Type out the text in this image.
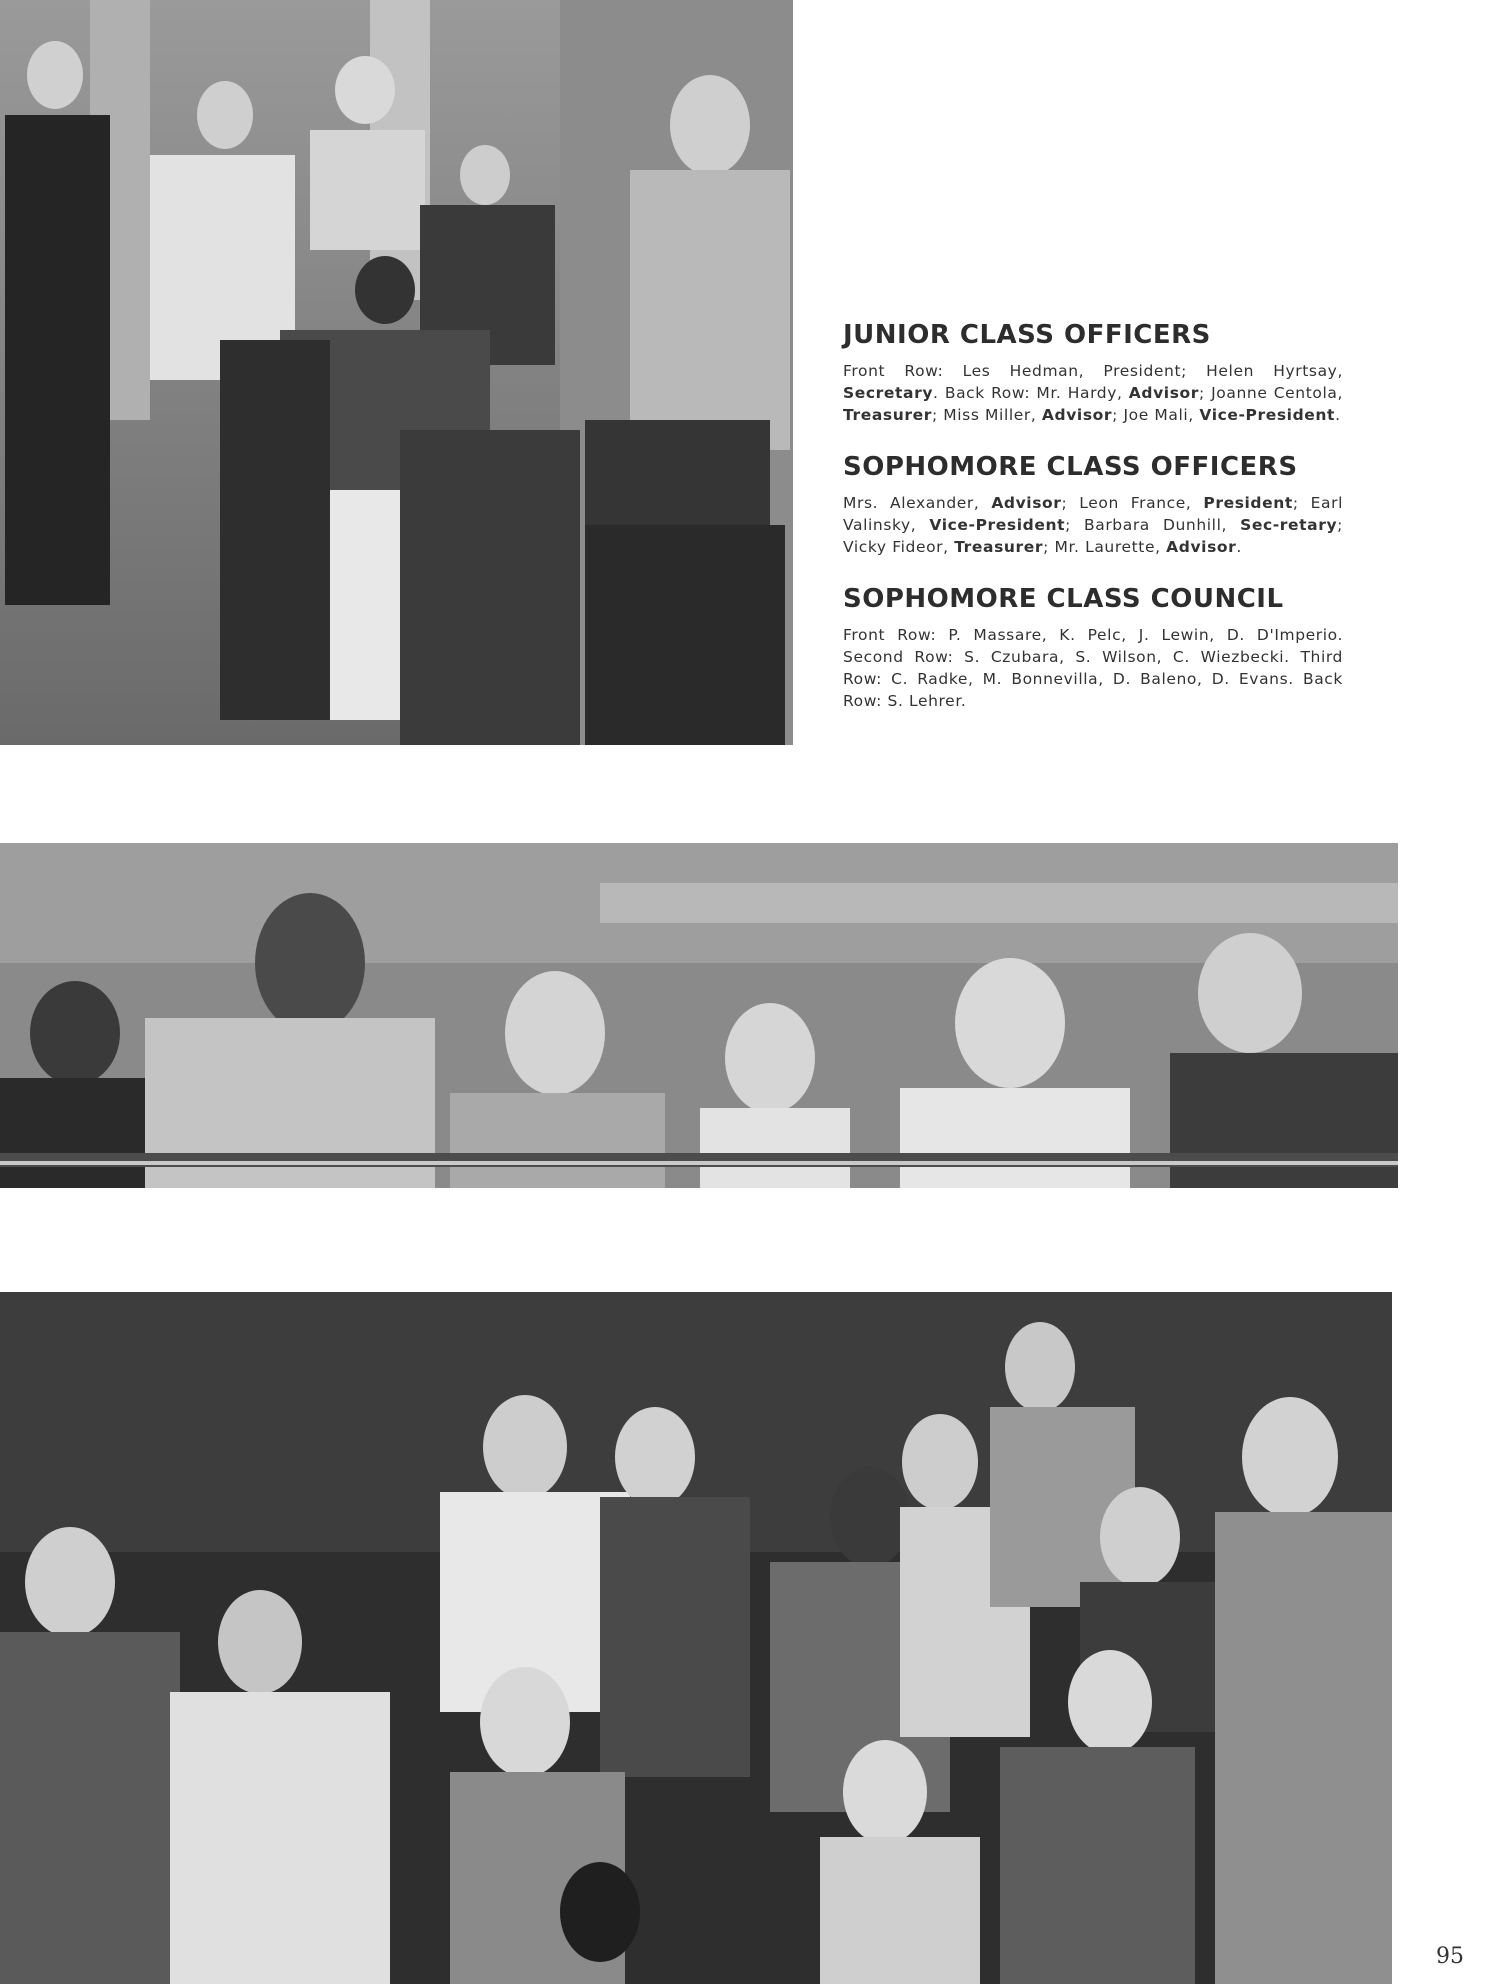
JUNIOR CLASS OFFICERS

Front Row: Les Hedman, President; Helen Hyrtsay, Secretary. Back Row: Mr. Hardy, Advisor; Joanne Centola, Treasurer; Miss Miller, Advisor; Joe Mali, Vice-President.

SOPHOMORE CLASS OFFICERS

Mrs. Alexander, Advisor; Leon France, President; Earl Valinsky, Vice-President; Barbara Dunhill, Sec-retary; Vicky Fideor, Treasurer; Mr. Laurette, Advisor.

SOPHOMORE CLASS COUNCIL

Front Row: P. Massare, K. Pelc, J. Lewin, D. D'Imperio. Second Row: S. Czubara, S. Wilson, C. Wiezbecki. Third Row: C. Radke, M. Bonnevilla, D. Baleno, D. Evans. Back Row: S. Lehrer.

95
